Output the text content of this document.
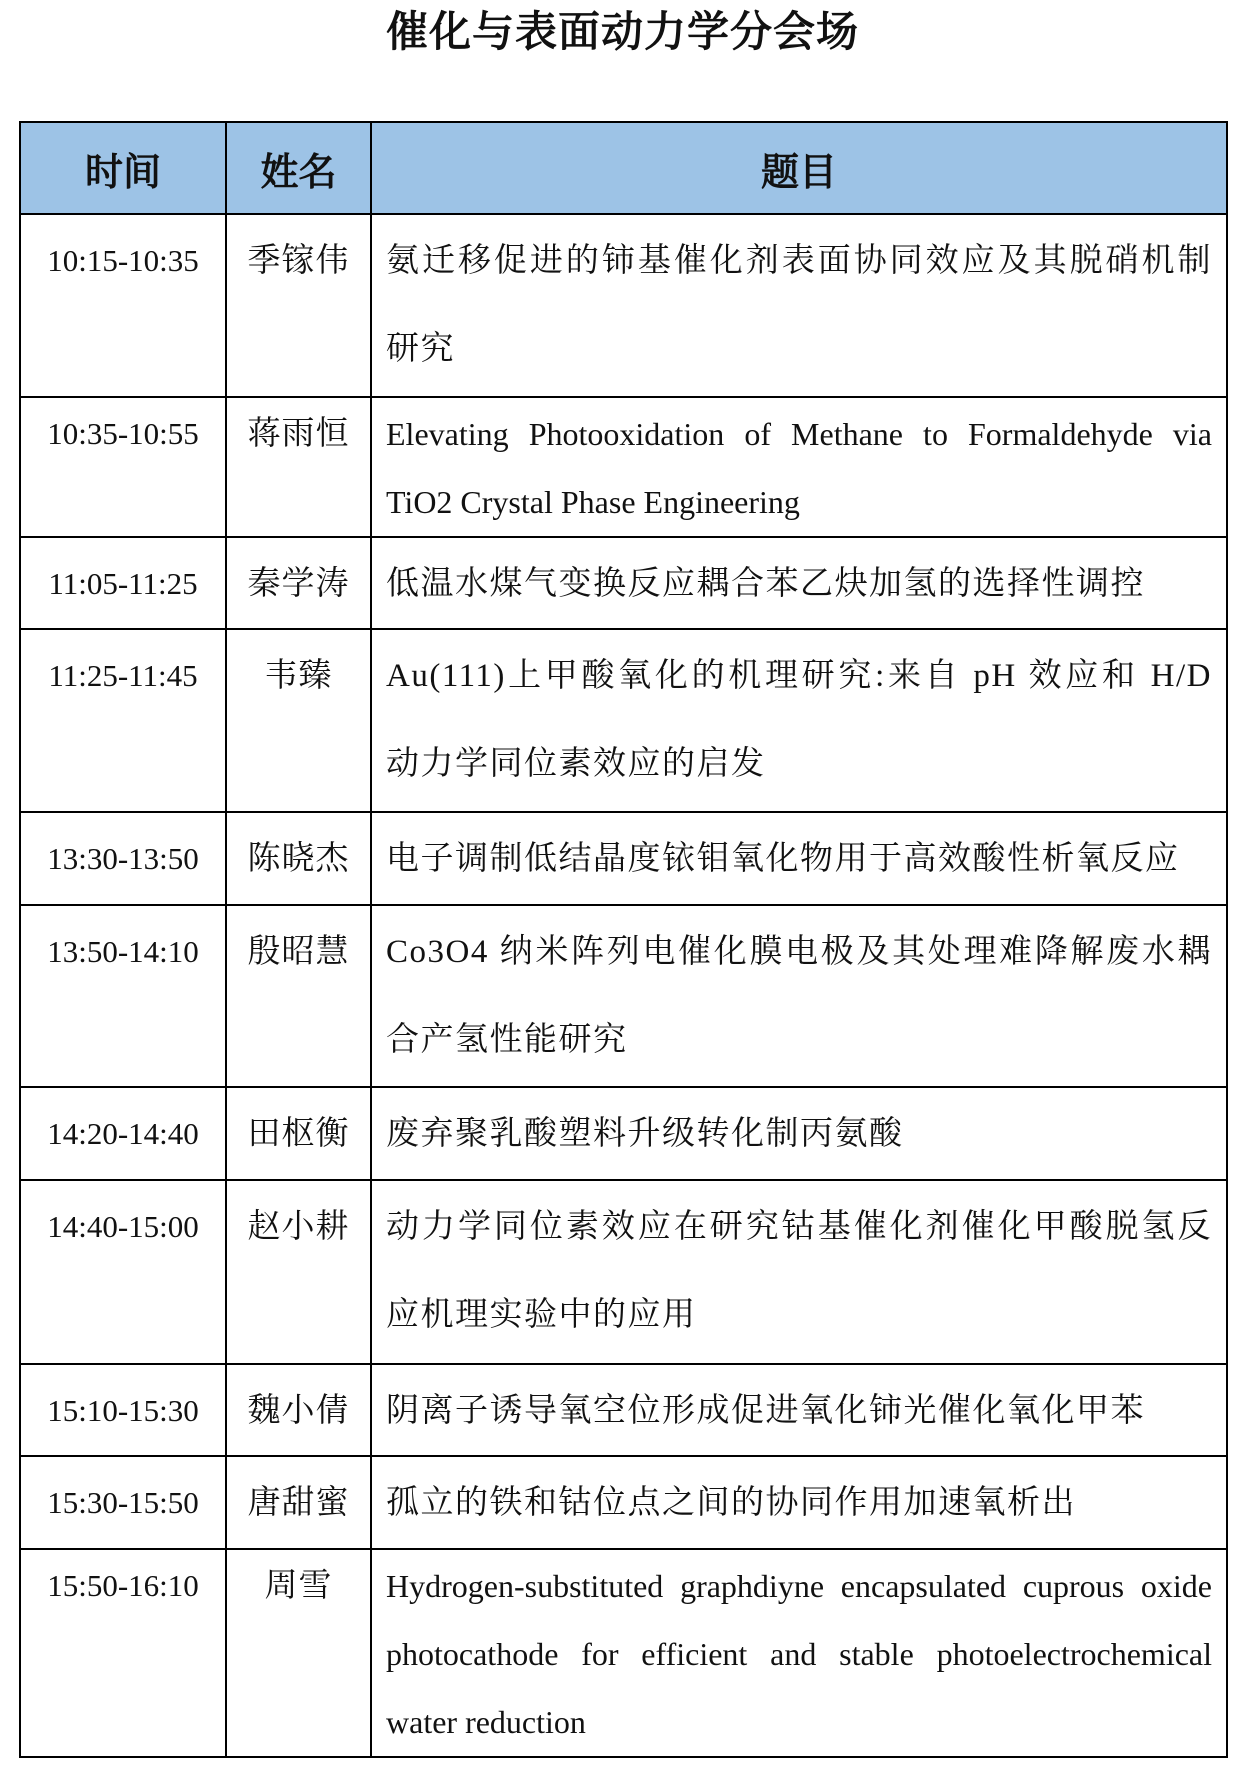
催化与表面动力学分会场
时间	姓名	题目
10:15-10:35	季镓伟	氨迁移促进的铈基催化剂表面协同效应及其脱硝机制研究
10:35-10:55	蒋雨恒	Elevating Photooxidation of Methane to Formaldehyde via TiO2 Crystal Phase Engineering
11:05-11:25	秦学涛	低温水煤气变换反应耦合苯乙炔加氢的选择性调控
11:25-11:45	韦臻	Au(111)上甲酸氧化的机理研究:来自 pH 效应和 H/D 动力学同位素效应的启发
13:30-13:50	陈晓杰	电子调制低结晶度铱钼氧化物用于高效酸性析氧反应
13:50-14:10	殷昭慧	Co3O4 纳米阵列电催化膜电极及其处理难降解废水耦合产氢性能研究
14:20-14:40	田枢衡	废弃聚乳酸塑料升级转化制丙氨酸
14:40-15:00	赵小耕	动力学同位素效应在研究钴基催化剂催化甲酸脱氢反应机理实验中的应用
15:10-15:30	魏小倩	阴离子诱导氧空位形成促进氧化铈光催化氧化甲苯
15:30-15:50	唐甜蜜	孤立的铁和钴位点之间的协同作用加速氧析出
15:50-16:10	周雪	Hydrogen-substituted graphdiyne encapsulated cuprous oxide photocathode for efficient and stable photoelectrochemical water reduction
